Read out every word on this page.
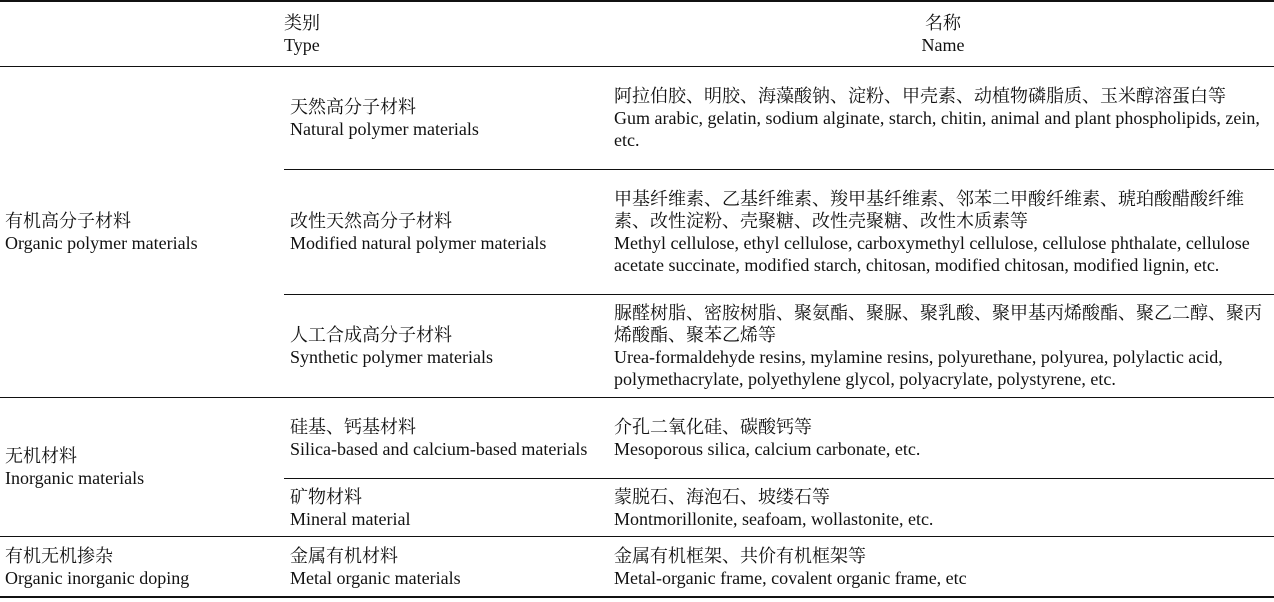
	类别
Type	名称
Name

有机高分子材料
Organic polymer materials	天然高分子材料
Natural polymer materials	阿拉伯胶、明胶、海藻酸钠、淀粉、甲壳素、动植物磷脂质、玉米醇溶蛋白等
Gum arabic, gelatin, sodium alginate, starch, chitin, animal and plant phospholipids, zein, etc.

	改性天然高分子材料
Modified natural polymer materials	甲基纤维素、乙基纤维素、羧甲基纤维素、邻苯二甲酸纤维素、琥珀酸醋酸纤维素、改性淀粉、壳聚糖、改性壳聚糖、改性木质素等
Methyl cellulose, ethyl cellulose, carboxymethyl cellulose, cellulose phthalate, cellulose acetate succinate, modified starch, chitosan, modified chitosan, modified lignin, etc.

	人工合成高分子材料
Synthetic polymer materials	脲醛树脂、密胺树脂、聚氨酯、聚脲、聚乳酸、聚甲基丙烯酸酯、聚乙二醇、聚丙烯酸酯、聚苯乙烯等
Urea-formaldehyde resins, mylamine resins, polyurethane, polyurea, polylactic acid, polymethacrylate, polyethylene glycol, polyacrylate, polystyrene, etc.

无机材料
Inorganic materials	硅基、钙基材料
Silica-based and calcium-based materials	介孔二氧化硅、碳酸钙等
Mesoporous silica, calcium carbonate, etc.

	矿物材料
Mineral material	蒙脱石、海泡石、坡缕石等
Montmorillonite, seafoam, wollastonite, etc.

有机无机掺杂
Organic inorganic doping	金属有机材料
Metal organic materials	金属有机框架、共价有机框架等
Metal-organic frame, covalent organic frame, etc
